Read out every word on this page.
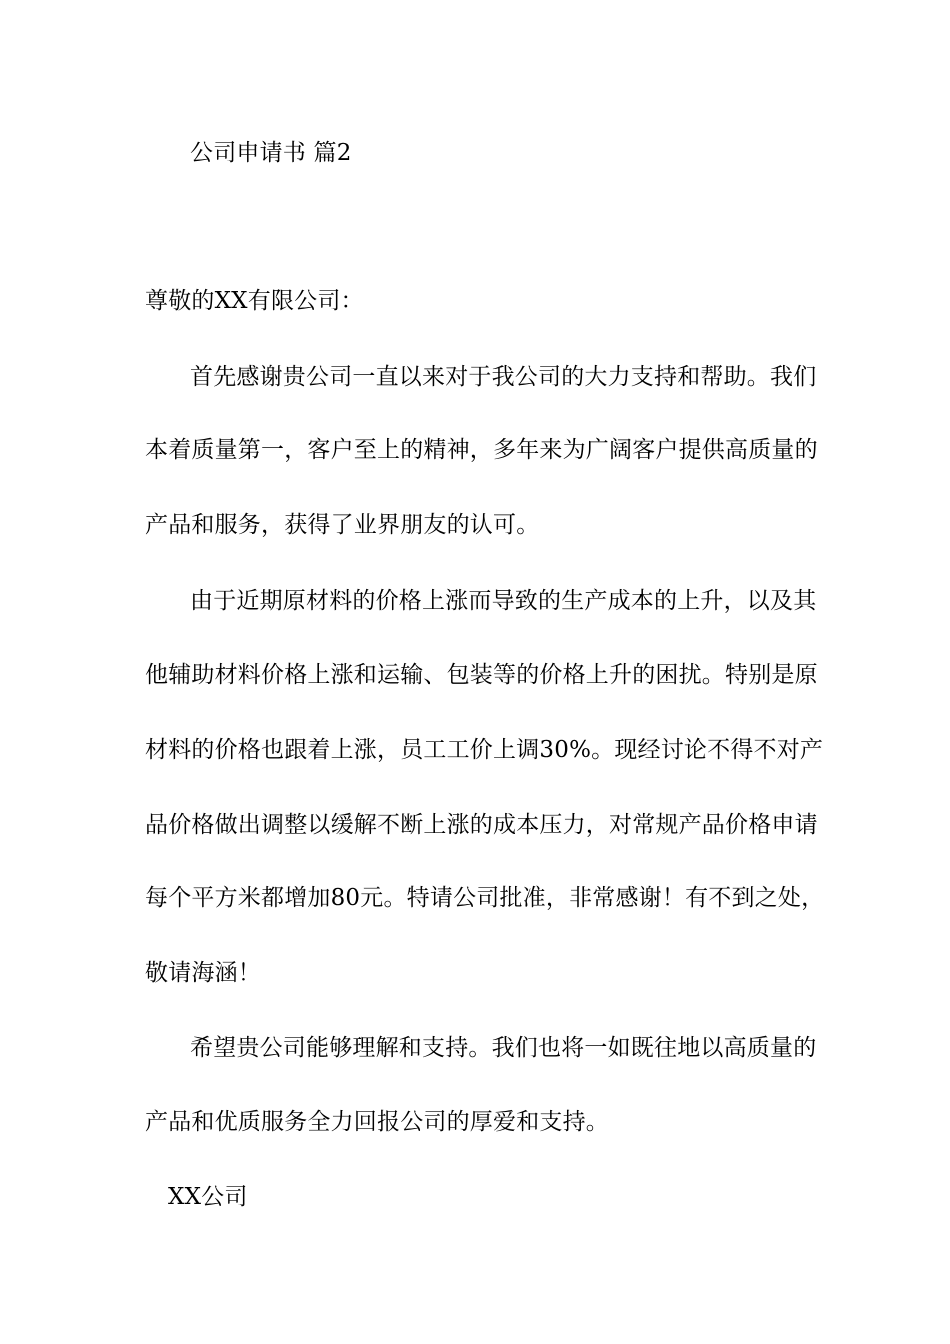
公司申请书 篇2
尊敬的XX有限公司：
首先感谢贵公司一直以来对于我公司的大力支持和帮助。我们
本着质量第一，客户至上的精神，多年来为广阔客户提供高质量的
产品和服务，获得了业界朋友的认可。
由于近期原材料的价格上涨而导致的生产成本的上升，以及其
他辅助材料价格上涨和运输、包装等的价格上升的困扰。特别是原
材料的价格也跟着上涨，员工工价上调30%。现经讨论不得不对产
品价格做出调整以缓解不断上涨的成本压力，对常规产品价格申请
每个平方米都增加80元。特请公司批准，非常感谢！有不到之处，
敬请海涵！
希望贵公司能够理解和支持。我们也将一如既往地以高质量的
产品和优质服务全力回报公司的厚爱和支持。
XX公司
